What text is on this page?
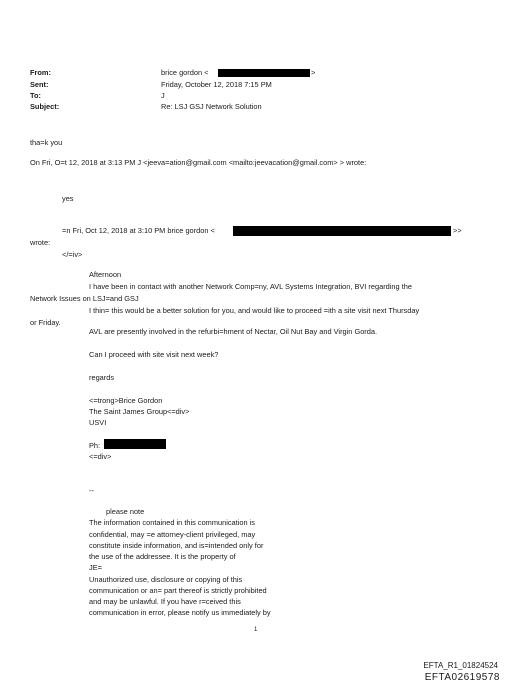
From:
Sent:
To:
Subject:
brice gordon <	>
Friday, October 12, 2018 7:15 PM
J
Re: LSJ GSJ Network Solution
tha=k you
On Fri, O=t 12, 2018 at 3:13 PM J <jeeva=ation@gmail.com <mailto:jeevacation@gmail.com> > wrote:
yes
=n Fri, Oct 12, 2018 at 3:10 PM brice gordon <	>>
wrote:
</=iv>
Afternoon
I have been in contact with another Network Comp=ny, AVL Systems Integration, BVI regarding the
Network Issues on LSJ=and GSJ
I thin= this would be a better solution for you, and would like to proceed =ith a site visit next Thursday
or Friday.
AVL are presently involved in the refurbi=hment of Nectar, Oil Nut Bay and Virgin Gorda.
Can I proceed with site visit next week?
regards
<=trong>Brice Gordon
The Saint James Group<=div>
USVI
Ph:
<=div>
--
please note
The information contained in this communication is
confidential, may =e attorney-client privileged, may
constitute inside information, and is=intended only for
the use of the addressee. It is the property of
JE=
Unauthorized use, disclosure or copying of this
communication or an= part thereof is strictly prohibited
and may be unlawful. If you have r=ceived this
communication in error, please notify us immediately by
1
EFTA_R1_01824524
EFTA02619578
